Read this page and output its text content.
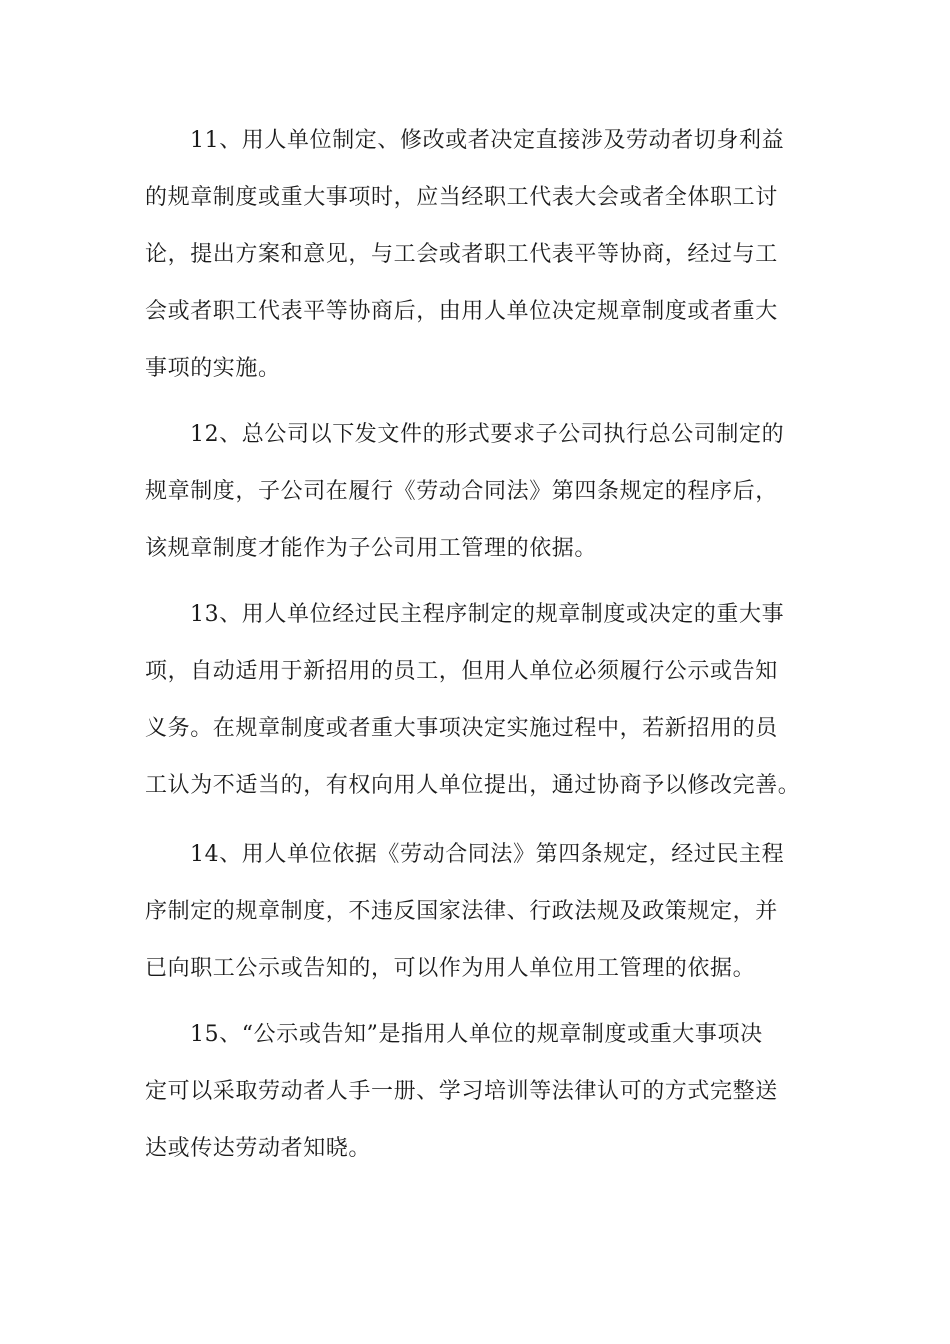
11、用人单位制定、修改或者决定直接涉及劳动者切身利益
的规章制度或重大事项时，应当经职工代表大会或者全体职工讨
论，提出方案和意见，与工会或者职工代表平等协商，经过与工
会或者职工代表平等协商后，由用人单位决定规章制度或者重大
事项的实施。
12、总公司以下发文件的形式要求子公司执行总公司制定的
规章制度，子公司在履行《劳动合同法》第四条规定的程序后，
该规章制度才能作为子公司用工管理的依据。
13、用人单位经过民主程序制定的规章制度或决定的重大事
项，自动适用于新招用的员工，但用人单位必须履行公示或告知
义务。在规章制度或者重大事项决定实施过程中，若新招用的员
工认为不适当的，有权向用人单位提出，通过协商予以修改完善。
14、用人单位依据《劳动合同法》第四条规定，经过民主程
序制定的规章制度，不违反国家法律、行政法规及政策规定，并
已向职工公示或告知的，可以作为用人单位用工管理的依据。
15、“公示或告知”是指用人单位的规章制度或重大事项决
定可以采取劳动者人手一册、学习培训等法律认可的方式完整送
达或传达劳动者知晓。
